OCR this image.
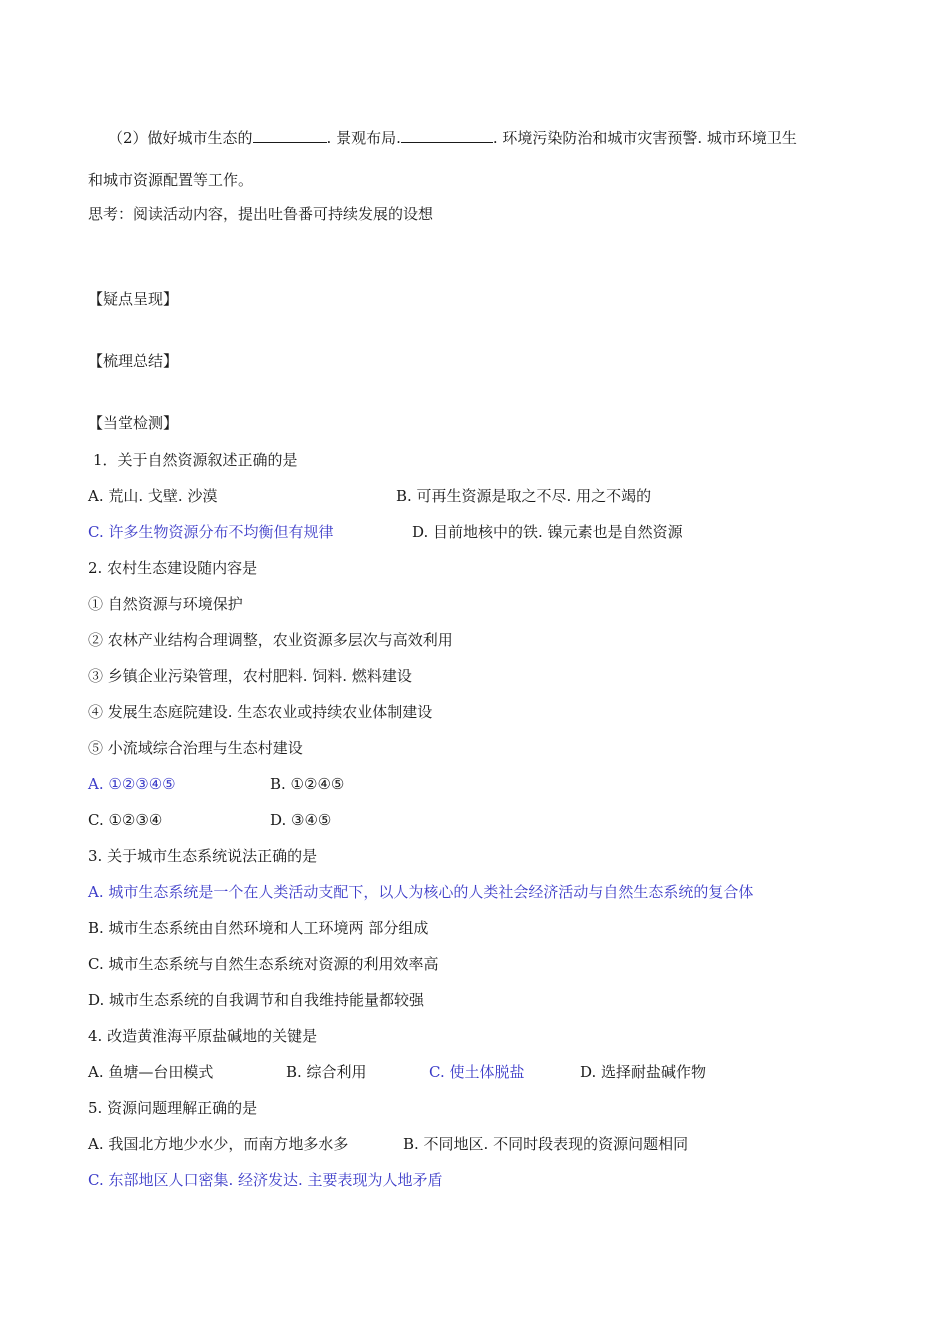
（2）做好城市生态的	. 景观布局.	. 环境污染防治和城市灾害预警. 城市环境卫生
和城市资源配置等工作。
思考：阅读活动内容，提出吐鲁番可持续发展的设想
【疑点呈现】
【梳理总结】
【当堂检测】
1．关于自然资源叙述正确的是
A. 荒山. 戈壁. 沙漠	B. 可再生资源是取之不尽. 用之不竭的
C. 许多生物资源分布不均衡但有规律	D. 目前地核中的铁. 镍元素也是自然资源
2. 农村生态建设随内容是
① 自然资源与环境保护
② 农林产业结构合理调整，农业资源多层次与高效利用
③ 乡镇企业污染管理，农村肥料. 饲料. 燃料建设
④ 发展生态庭院建设. 生态农业或持续农业体制建设
⑤ 小流域综合治理与生态村建设
A. ①②③④⑤	B. ①②④⑤
C. ①②③④	D. ③④⑤
3. 关于城市生态系统说法正确的是
A. 城市生态系统是一个在人类活动支配下，以人为核心的人类社会经济活动与自然生态系统的复合体
B. 城市生态系统由自然环境和人工环境两 部分组成
C. 城市生态系统与自然生态系统对资源的利用效率高
D. 城市生态系统的自我调节和自我维持能量都较强
4. 改造黄淮海平原盐碱地的关键是
A. 鱼塘—台田模式	B. 综合利用	C. 使土体脱盐	D. 选择耐盐碱作物
5. 资源问题理解正确的是
A. 我国北方地少水少，而南方地多水多	B. 不同地区. 不同时段表现的资源问题相同
C. 东部地区人口密集. 经济发达. 主要表现为人地矛盾
